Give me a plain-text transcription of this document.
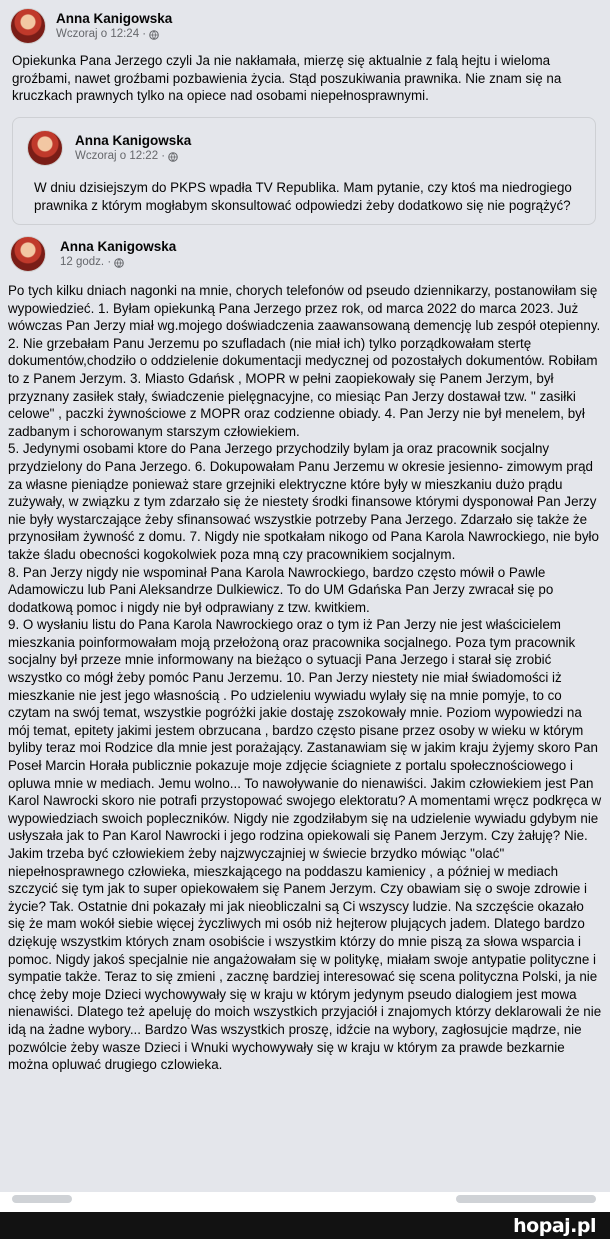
Anna Kanigowska
Wczoraj o 12:24 ·
Opiekunka Pana Jerzego czyli Ja nie nakłamała, mierzę się aktualnie z falą hejtu i wieloma groźbami, nawet groźbami pozbawienia życia. Stąd poszukiwania prawnika. Nie znam się na kruczkach prawnych tylko na opiece nad osobami niepełnosprawnymi.
Anna Kanigowska
Wczoraj o 12:22 ·
W dniu dzisiejszym do PKPS wpadła TV Republika. Mam pytanie, czy ktoś ma niedrogiego prawnika z którym mogłabym skonsultować odpowiedzi żeby dodatkowo się nie pogrążyć?
Anna Kanigowska
12 godz. ·

Po tych kilku dniach nagonki na mnie, chorych telefonów od pseudo dziennikarzy, postanowiłam się wypowiedzieć. 1. Byłam opiekunką Pana Jerzego przez rok, od marca 2022 do marca 2023. Już wówczas Pan Jerzy miał wg.mojego doświadczenia zaawansowaną demencję lub zespół otepienny. 2. Nie grzebałam Panu Jerzemu po szufladach (nie miał ich) tylko porządkowałam stertę dokumentów,chodziło o oddzielenie dokumentacji medycznej od pozostałych dokumentów. Robiłam to z Panem Jerzym. 3. Miasto Gdańsk , MOPR w pełni zaopiekowały się Panem Jerzym, był przyznany zasiłek stały, świadczenie pielęgnacyjne, co miesiąc Pan Jerzy dostawał tzw. " zasiłki celowe" , paczki żywnościowe z MOPR oraz codzienne obiady. 4. Pan Jerzy nie był menelem, był zadbanym i schorowanym starszym człowiekiem.

5. Jedynymi osobami ktore do Pana Jerzego przychodzily bylam ja oraz pracownik socjalny przydzielony do Pana Jerzego. 6. Dokupowałam Panu Jerzemu w okresie jesienno- zimowym prąd za własne pieniądze ponieważ stare grzejniki elektryczne które były w mieszkaniu dużo prądu zużywały, w związku z tym zdarzało się że niestety środki finansowe którymi dysponował Pan Jerzy nie były wystarczające żeby sfinansować wszystkie potrzeby Pana Jerzego. Zdarzało się także że przynosiłam żywność z domu. 7. Nigdy nie spotkałam nikogo od Pana Karola Nawrockiego, nie było także śladu obecności kogokolwiek poza mną czy pracownikiem socjalnym.

8. Pan Jerzy nigdy nie wspominał Pana Karola Nawrockiego, bardzo często mówił o Pawle Adamowiczu lub Pani Aleksandrze Dulkiewicz. To do UM Gdańska Pan Jerzy zwracał się po dodatkową pomoc i nigdy nie był odprawiany z tzw. kwitkiem.

9. O wysłaniu listu do Pana Karola Nawrockiego oraz o tym iż Pan Jerzy nie jest właścicielem mieszkania poinformowałam moją przełożoną oraz pracownika socjalnego. Poza tym pracownik socjalny był przeze mnie informowany na bieżąco o sytuacji Pana Jerzego i starał się zrobić wszystko co mógł żeby pomóc Panu Jerzemu. 10. Pan Jerzy niestety nie miał świadomości iż mieszkanie nie jest jego własnością . Po udzieleniu wywiadu wylały się na mnie pomyje, to co czytam na swój temat, wszystkie pogróżki jakie dostaję zszokowały mnie. Poziom wypowiedzi na mój temat, epitety jakimi jestem obrzucana , bardzo często pisane przez osoby w wieku w którym byliby teraz moi Rodzice dla mnie jest porażający. Zastanawiam się w jakim kraju żyjemy skoro Pan Poseł Marcin Horała publicznie pokazuje moje zdjęcie ściagniete z portalu społecznościowego i opluwa mnie w mediach. Jemu wolno... To nawoływanie do nienawiści. Jakim człowiekiem jest Pan Karol Nawrocki skoro nie potrafi przystopować swojego elektoratu? A momentami wręcz podkręca w wypowiedziach swoich popleczników. Nigdy nie zgodziłabym się na udzielenie wywiadu gdybym nie usłyszała jak to Pan Karol Nawrocki i jego rodzina opiekowali się Panem Jerzym. Czy żałuję? Nie. Jakim trzeba być człowiekiem żeby najzwyczajniej w świecie brzydko mówiąc "olać" niepełnosprawnego człowieka, mieszkającego na poddaszu kamienicy , a później w mediach szczycić się tym jak to super opiekowałem się Panem Jerzym. Czy obawiam się o swoje zdrowie i życie? Tak. Ostatnie dni pokazały mi jak nieobliczalni są Ci wszyscy ludzie. Na szczęście okazało się że mam wokół siebie więcej życzliwych mi osób niż hejterow plujących jadem. Dlatego bardzo dziękuję wszystkim których znam osobiście i wszystkim którzy do mnie piszą za słowa wsparcia i pomoc. Nigdy jakoś specjalnie nie angażowałam się w politykę, miałam swoje antypatie polityczne i sympatie także. Teraz to się zmieni , zacznę bardziej interesować się scena polityczna Polski, ja nie chcę żeby moje Dzieci wychowywały się w kraju w którym jedynym pseudo dialogiem jest mowa nienawiści. Dlatego też apeluję do moich wszystkich przyjaciół i znajomych którzy deklarowali że nie idą na żadne wybory... Bardzo Was wszystkich proszę, idźcie na wybory, zagłosujcie mądrze, nie pozwólcie żeby wasze Dzieci i Wnuki wychowywały się w kraju w którym za prawde bezkarnie można opluwać drugiego czlowieka.

hopaj.pl
